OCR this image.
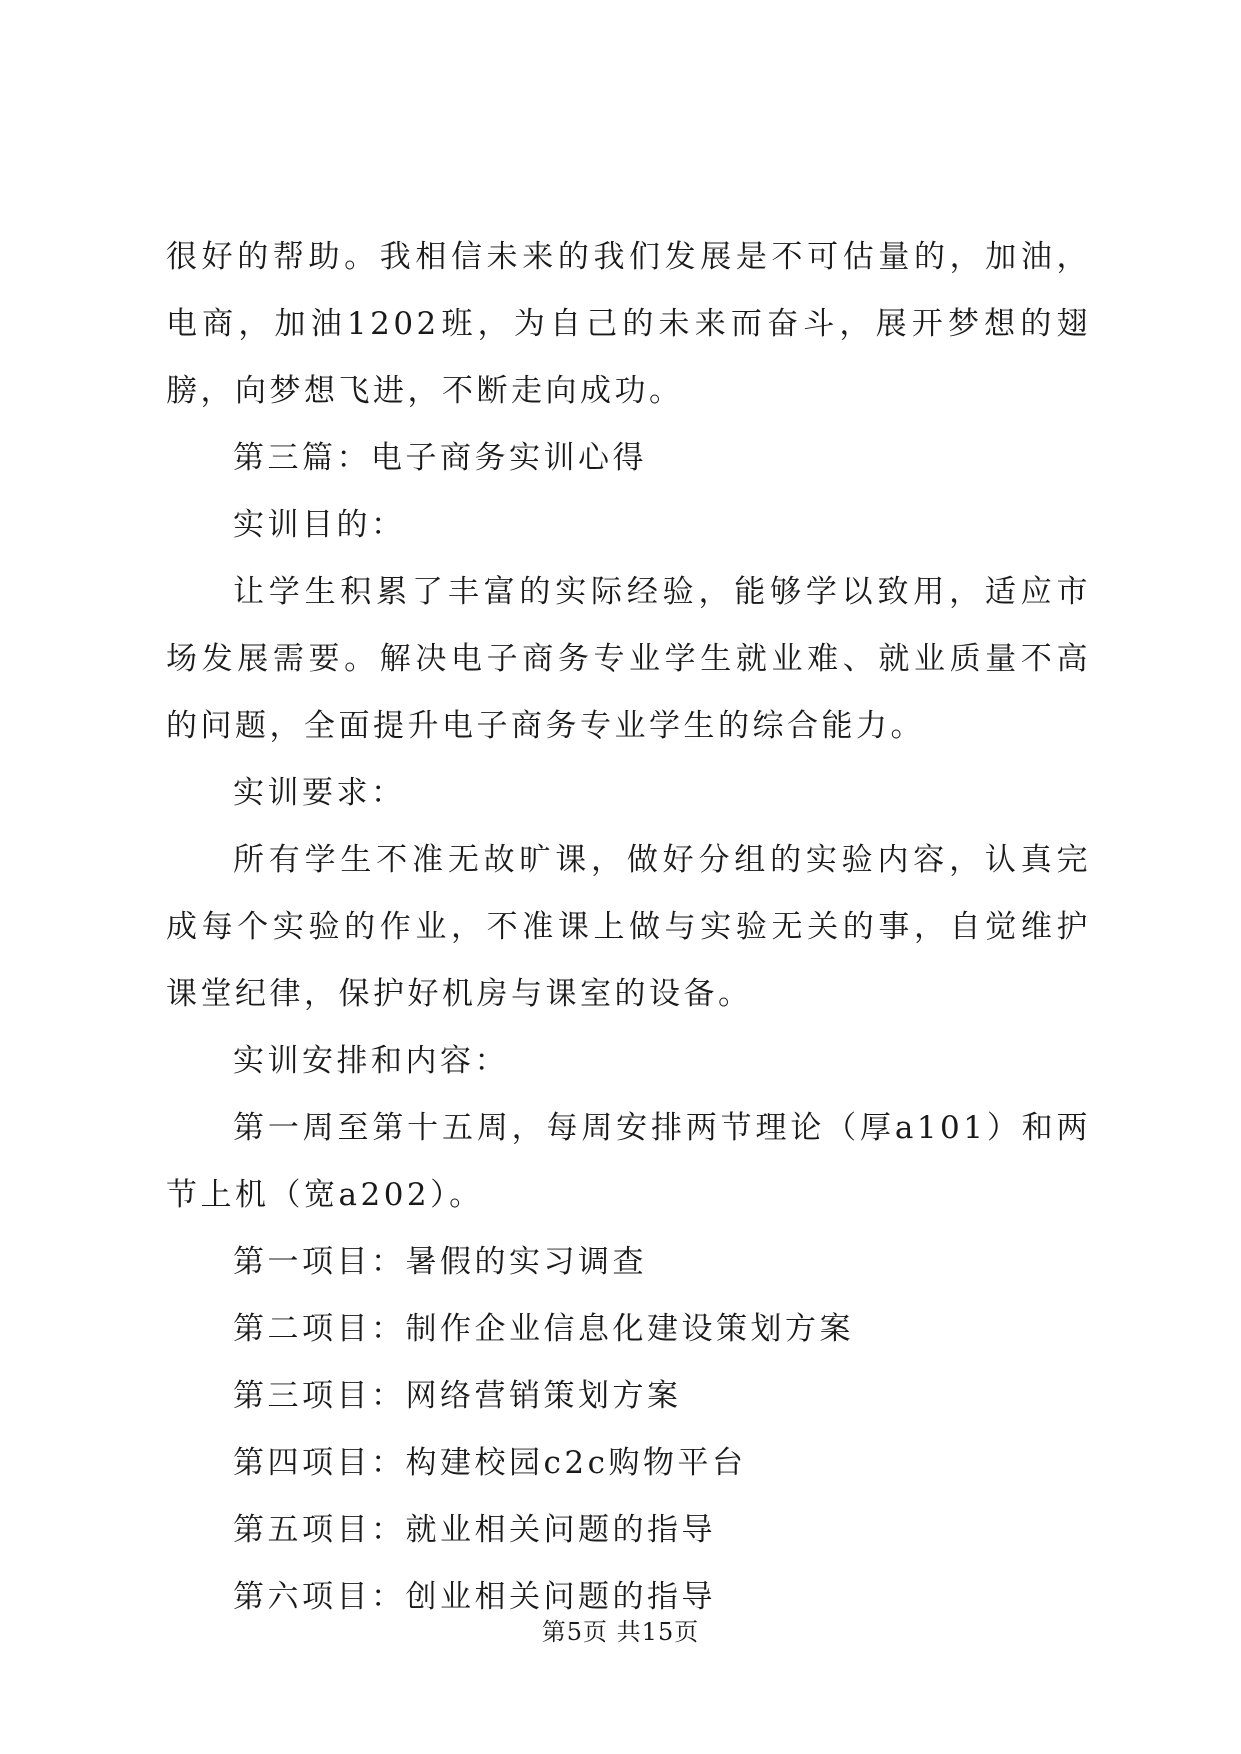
很好的帮助。我相信未来的我们发展是不可估量的，加油，电商，加油1202班，为自己的未来而奋斗，展开梦想的翅膀，向梦想飞进，不断走向成功。

第三篇：电子商务实训心得

实训目的：

让学生积累了丰富的实际经验，能够学以致用，适应市场发展需要。解决电子商务专业学生就业难、就业质量不高的问题，全面提升电子商务专业学生的综合能力。

实训要求：

所有学生不准无故旷课，做好分组的实验内容，认真完成每个实验的作业，不准课上做与实验无关的事，自觉维护课堂纪律，保护好机房与课室的设备。

实训安排和内容：

第一周至第十五周，每周安排两节理论（厚a101）和两节上机（宽a202）。

第一项目：暑假的实习调查

第二项目：制作企业信息化建设策划方案

第三项目：网络营销策划方案

第四项目：构建校园c2c购物平台

第五项目：就业相关问题的指导

第六项目：创业相关问题的指导

第5页 共15页
